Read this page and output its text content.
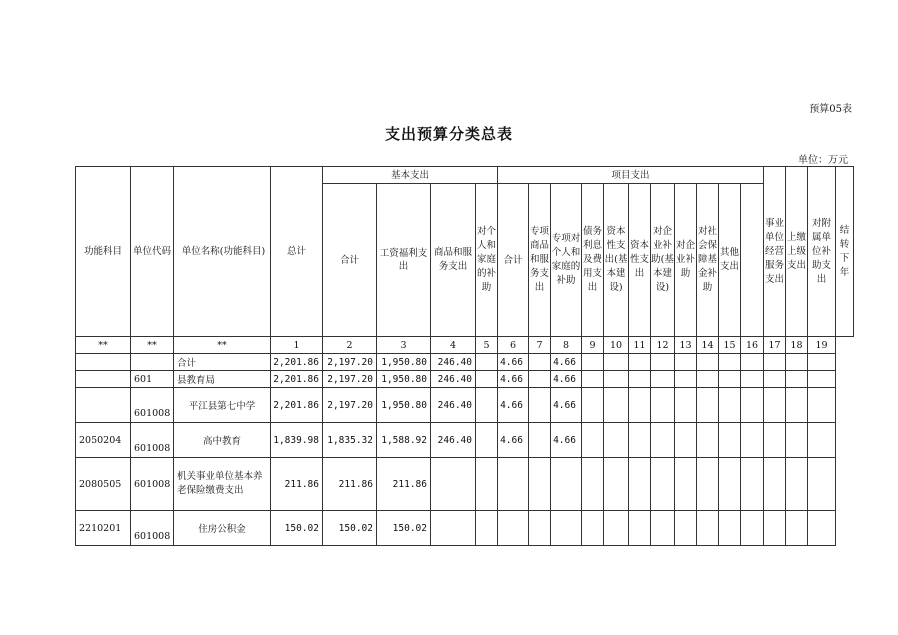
预算05表
支出预算分类总表
单位：万元
功能科目	单位代码	单位名称(功能科目)	总计	基本支出				项目支出											事业单位经营服务支出	上缴上级支出	对附属单位补助支出	结转下年

				合计	工资福利支出	商品和服务支出	对个人和家庭的补助	合计	专项商品和服务支出	专项对个人和家庭的补助	债务利息及费用支出	资本性支出(基本建设)	资本性支出	对企业补助(基本建设)	对企业补助	对社会保障基金补助	其他支出					

**	**	**	1	2	3	4	5	6	7	8	9	10	11	12	13	14	15	16	17	18	19	
		合计	2,201.86	2,197.20	1,950.80	246.40		4.66		4.66												
	601	县教育局	2,201.86	2,197.20	1,950.80	246.40		4.66		4.66												
	601008	平江县第七中学	2,201.86	2,197.20	1,950.80	246.40		4.66		4.66												
2050204	601008	高中教育	1,839.98	1,835.32	1,588.92	246.40		4.66		4.66												
2080505	601008	机关事业单位基本养老保险缴费支出	211.86	211.86	211.86																	
2210201	601008	住房公积金	150.02	150.02	150.02																	
